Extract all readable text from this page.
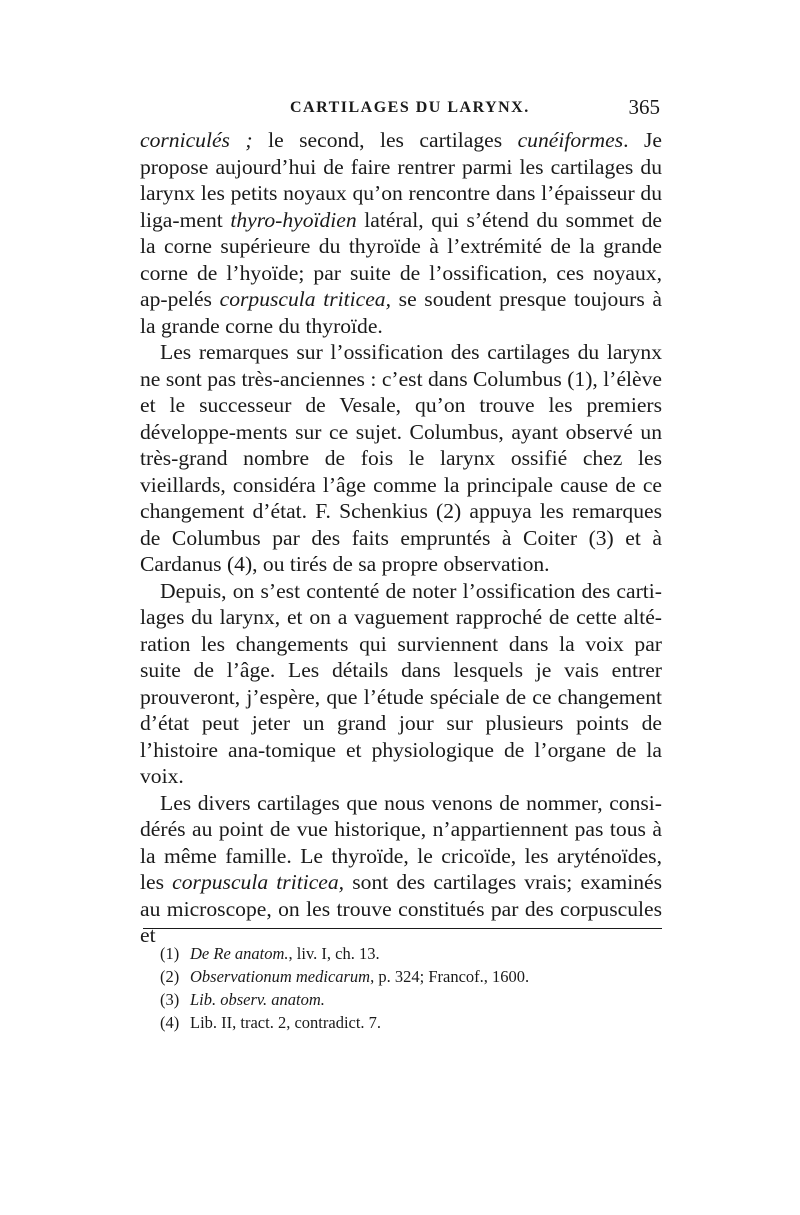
CARTILAGES DU LARYNX.	365

corniculés ; le second, les cartilages cunéiformes. Je propose aujourd’hui de faire rentrer parmi les cartilages du larynx les petits noyaux qu’on rencontre dans l’épaisseur du liga-ment thyro-hyoïdien latéral, qui s’étend du sommet de la corne supérieure du thyroïde à l’extrémité de la grande corne de l’hyoïde; par suite de l’ossification, ces noyaux, ap-pelés corpuscula triticea, se soudent presque toujours à la grande corne du thyroïde.

Les remarques sur l’ossification des cartilages du larynx ne sont pas très-anciennes : c’est dans Columbus (1), l’élève et le successeur de Vesale, qu’on trouve les premiers développe-ments sur ce sujet. Columbus, ayant observé un très-grand nombre de fois le larynx ossifié chez les vieillards, considéra l’âge comme la principale cause de ce changement d’état. F. Schenkius (2) appuya les remarques de Columbus par des faits empruntés à Coiter (3) et à Cardanus (4), ou tirés de sa propre observation.

Depuis, on s’est contenté de noter l’ossification des carti-lages du larynx, et on a vaguement rapproché de cette alté-ration les changements qui surviennent dans la voix par suite de l’âge. Les détails dans lesquels je vais entrer prouveront, j’espère, que l’étude spéciale de ce changement d’état peut jeter un grand jour sur plusieurs points de l’histoire ana-tomique et physiologique de l’organe de la voix.

Les divers cartilages que nous venons de nommer, consi-dérés au point de vue historique, n’appartiennent pas tous à la même famille. Le thyroïde, le cricoïde, les aryténoïdes, les corpuscula triticea, sont des cartilages vrais; examinés au microscope, on les trouve constitués par des corpuscules et

(1) De Re anatom., liv. I, ch. 13.
(2) Observationum medicarum, p. 324; Francof., 1600.
(3) Lib. observ. anatom.
(4) Lib. II, tract. 2, contradict. 7.
